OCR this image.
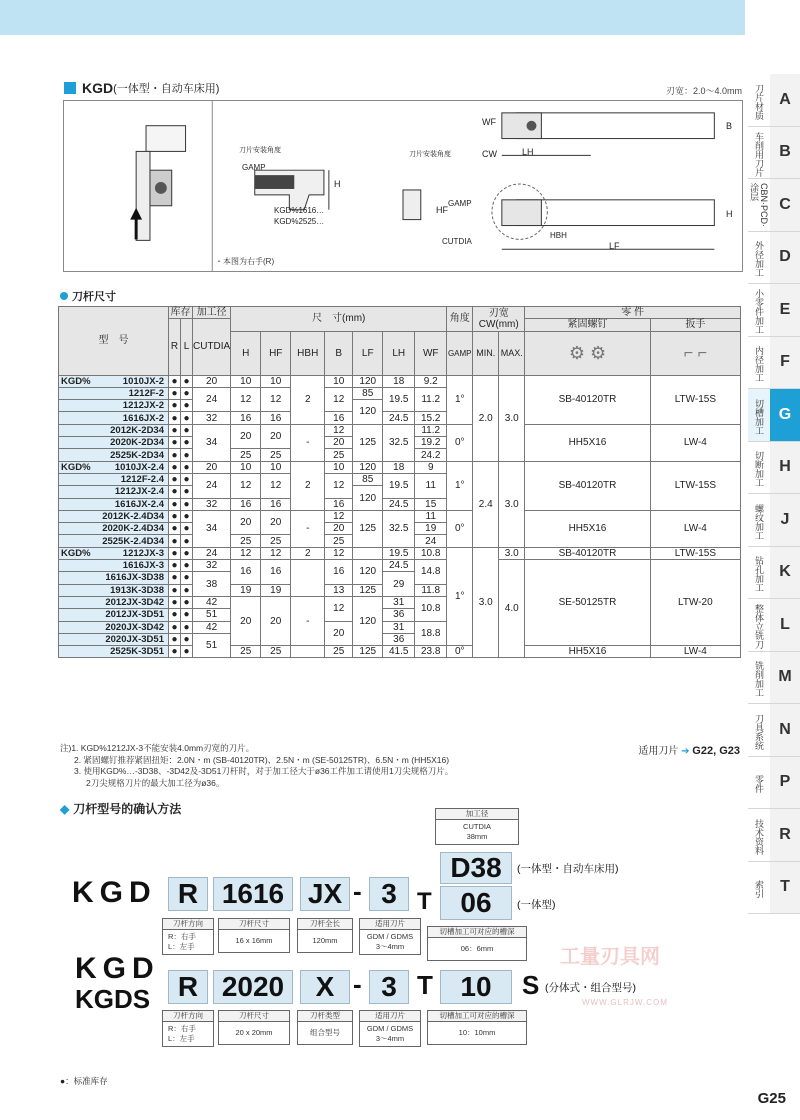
刀片材质 A
车削用刀片 B
CBN·PCD·涂层
C
外径加工 D
小零件加工 E
内径加工	F
切槽加工 G
切断加工 H
螺纹加工	J
钻孔加工 K
整体立铣刀	L
铣削加工 M
刀具系统 N
零件 P
技术资料 R
索引	T
KGD (一体型・自动车床用)	刃宽：2.0～4.0mm
GAMP
H
刀片安装角度
KGD%1616…
KGD%2525…
刀片安装角度
WF
CW	LH
B
HF
GAMP
CUTDIA
H
HBH
LF
・本图为右手(R)
刀杆尺寸
型　号	库存		加工径	尺　寸(mm)							角度	刃宽CW(mm)		零 件	
	R	L	CUTDIA											紧固螺钉	扳手
				H	HF	HBH	B	LF	LH	WF	GAMP	MIN.	MAX.	⚙ ⚙	⌐ ⌐

KGD% 1010JX-2	●	●	20	10	10	2	10	120	18	9.2	1°	2.0	3.0	SB-40120TR	LTW-15S
1212F-2	●	●	24	12	12		12	85	19.5	11.2					
1212JX-2	●	●						120							
1616JX-2	●	●	32	16	16		16		24.5	15.2					
2012K-2D34	●	●	34	20	20	-	12	125	32.5	11.2	0°			HH5X16	LW-4
2020K-2D34	●	●					20			19.2					
2525K-2D34	●	●		25	25		25			24.2					

KGD% 1010JX-2.4	●	●	20	10	10	2	10	120	18	9	1°	2.4	3.0	SB-40120TR	LTW-15S
1212F-2.4	●	●	24	12	12		12	85	19.5	11					
1212JX-2.4	●	●						120							
1616JX-2.4	●	●	32	16	16		16		24.5	15					
2012K-2.4D34	●	●	34	20	20	-	12	125	32.5	11	0°			HH5X16	LW-4
2020K-2.4D34	●	●					20			19					
2525K-2.4D34	●	●		25	25		25			24					

KGD% 1212JX-3	●	●	24	12	12	2	12		19.5	10.8	1°	3.0	3.0	SB-40120TR	LTW-15S
1616JX-3	●	●	32	16	16		16	120	24.5	14.8			4.0	SE-50125TR	LTW-20
1616JX-3D38	●	●	38						29						
1913K-3D38	●	●		19	19		13	125		11.8					
2012JX-3D42	●	●	42	20	20	-	12	120	31	10.8					
2012JX-3D51	●	●	51						36						
2020JX-3D42	●	●	42				20		31	18.8					
2020JX-3D51	●	●	51						36						
2525K-3D51	●	●		25	25		25	125	41.5	23.8	0°			HH5X16	LW-4
注)1. KGD%1212JX-3不能安装4.0mm刃宽的刀片。
2. 紧固螺钉推荐紧固扭矩：2.0N・m (SB-40120TR)、2.5N・m (SE-50125TR)、6.5N・m (HH5X16)
3. 使用KGD%…-3D38、-3D42及-3D51刀杆时，对于加工径大于ø36工件加工请使用1刀尖规格刀片。
2刀尖规格刀片的最大加工径为ø36。
适用刀片 ➔ G22, G23
◆ 刀杆型号的确认方法	加工径
CUTDIA
38mm
D38	(一体型・自动车床用)
KGD R 1616 JX - 3 T	06	(一体型)
刀杆方向
R：右手
L：左手
刀杆尺寸
16 x 16mm
刀杆全长
120mm
适用刀片
GDM / GDMS
3～4mm
切槽加工可对应的槽深
06：6mm
KGD
KGDS R 2020	X - 3 T 10	S (分体式・组合型号)
刀杆方向
R：右手
L：左手
刀杆尺寸
20 x 20mm
刀杆类型
组合型号
适用刀片
GDM / GDMS
3～4mm
切槽加工可对应的槽深
10：10mm
工量刃具网
WWW.GLRJW.COM
●：标准库存
G25
